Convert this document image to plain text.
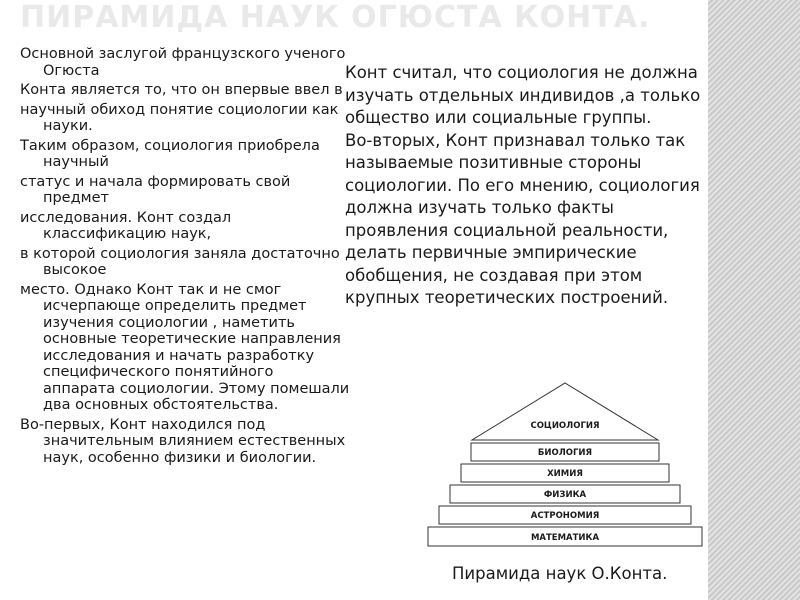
ПИРАМИДА НАУК ОГЮСТА КОНТА.

Основной заслугой французского ученого Огюста

Конта является то, что он впервые ввел в

научный обиход понятие социологии как науки.

Таким образом, социология приобрела научный

статус и начала формировать свой предмет

исследования. Конт создал классификацию наук,

в которой социология заняла достаточно высокое

место. Однако Конт так и не смог исчерпающе определить предмет изучения социологии , наметить основные теоретические направления исследования и начать разработку специфического понятийного аппарата социологии. Этому помешали два основных обстоятельства.

Во-первых, Конт находился под значительным влиянием естественных наук, особенно физики и биологии.

Конт считал, что социология не должна изучать отдельных индивидов ,а только общество или социальные группы.

Во-вторых, Конт признавал только так называемые позитивные стороны социологии. По его мнению, социология должна изучать только факты проявления социальной реальности, делать первичные эмпирические обобщения, не создавая при этом крупных теоретических построений.

СОЦИОЛОГИЯ
БИОЛОГИЯ
ХИМИЯ
ФИЗИКА
АСТРОНОМИЯ
МАТЕМАТИКА
Пирамида наук О.Конта.
